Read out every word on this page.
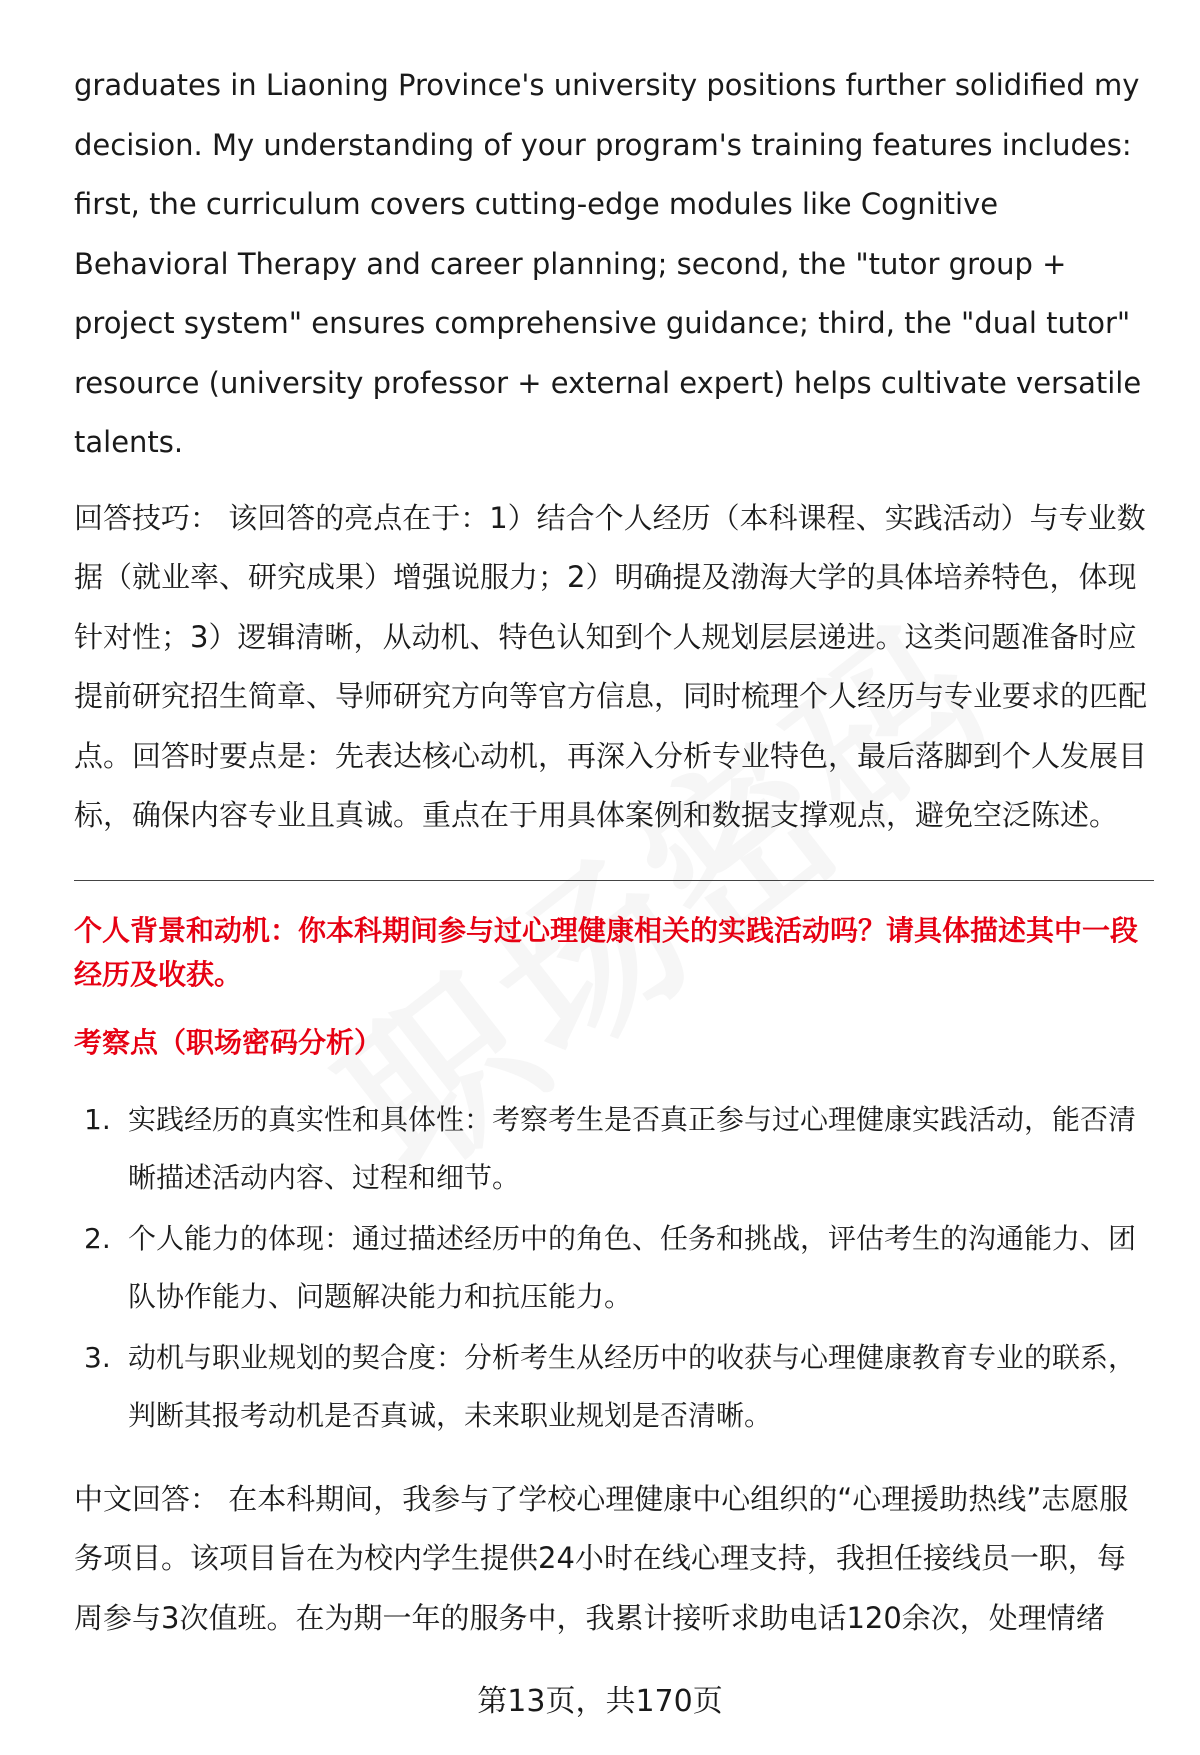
graduates in Liaoning Province's university positions further solidified my decision. My understanding of your program's training features includes: first, the curriculum covers cutting-edge modules like Cognitive Behavioral Therapy and career planning; second, the "tutor group + project system" ensures comprehensive guidance; third, the "dual tutor" resource (university professor + external expert) helps cultivate versatile talents.

回答技巧： 该回答的亮点在于：1）结合个人经历（本科课程、实践活动）与专业数据（就业率、研究成果）增强说服力；2）明确提及渤海大学的具体培养特色，体现针对性；3）逻辑清晰，从动机、特色认知到个人规划层层递进。这类问题准备时应提前研究招生简章、导师研究方向等官方信息，同时梳理个人经历与专业要求的匹配点。回答时要点是：先表达核心动机，再深入分析专业特色，最后落脚到个人发展目标，确保内容专业且真诚。重点在于用具体案例和数据支撑观点，避免空泛陈述。

个人背景和动机：你本科期间参与过心理健康相关的实践活动吗？请具体描述其中一段经历及收获。

考察点（职场密码分析）

1. 实践经历的真实性和具体性：考察考生是否真正参与过心理健康实践活动，能否清晰描述活动内容、过程和细节。
2. 个人能力的体现：通过描述经历中的角色、任务和挑战，评估考生的沟通能力、团队协作能力、问题解决能力和抗压能力。
3. 动机与职业规划的契合度：分析考生从经历中的收获与心理健康教育专业的联系，判断其报考动机是否真诚，未来职业规划是否清晰。

中文回答： 在本科期间，我参与了学校心理健康中心组织的“心理援助热线”志愿服务项目。该项目旨在为校内学生提供24小时在线心理支持，我担任接线员一职，每周参与3次值班。在为期一年的服务中，我累计接听求助电话120余次，处理情绪

第13页，共170页
